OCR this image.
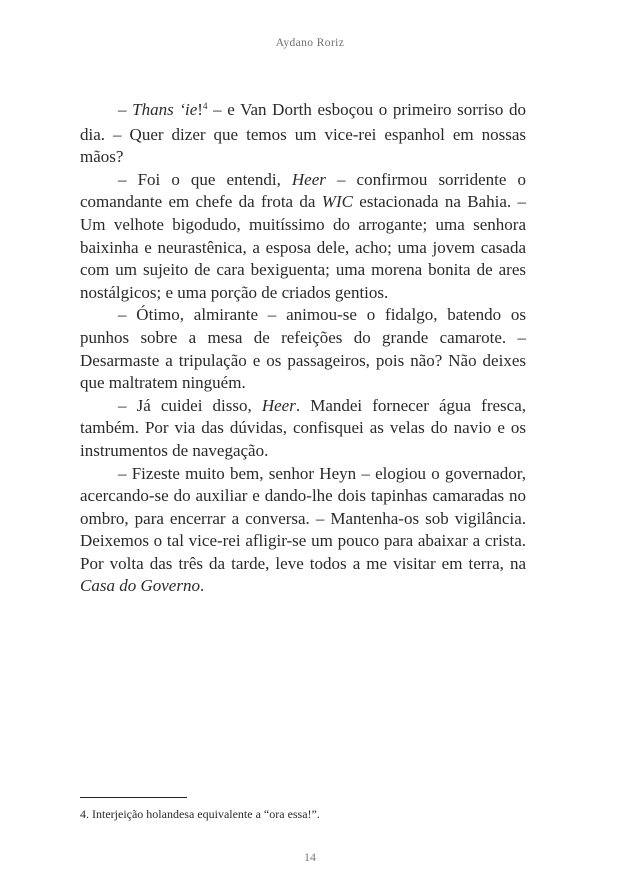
Aydano Roriz

– Thans ‘ie!$^4$ – e Van Dorth esboçou o primeiro sorriso do dia. – Quer dizer que temos um vice-rei espanhol em nossas mãos?

– Foi o que entendi, Heer – confirmou sorridente o comandante em chefe da frota da WIC estacionada na Bahia. – Um velhote bigodudo, muitíssimo do arrogante; uma senhora baixinha e neurastênica, a esposa dele, acho; uma jovem casada com um sujeito de cara bexiguenta; uma morena bonita de ares nostálgicos; e uma porção de criados gentios.

– Ótimo, almirante – animou-se o fidalgo, batendo os punhos sobre a mesa de refeições do grande camarote. – Desarmaste a tripulação e os passageiros, pois não? Não deixes que maltratem ninguém.

– Já cuidei disso, Heer. Mandei fornecer água fresca, também. Por via das dúvidas, confisquei as velas do navio e os instrumentos de navegação.

– Fizeste muito bem, senhor Heyn – elogiou o governador, acercando-se do auxiliar e dando-lhe dois tapinhas camaradas no ombro, para encerrar a conversa. – Mantenha-os sob vigilância. Deixemos o tal vice-rei afligir-se um pouco para abaixar a crista. Por volta das três da tarde, leve todos a me visitar em terra, na Casa do Governo.

4. Interjeição holandesa equivalente a “ora essa!”.
14
